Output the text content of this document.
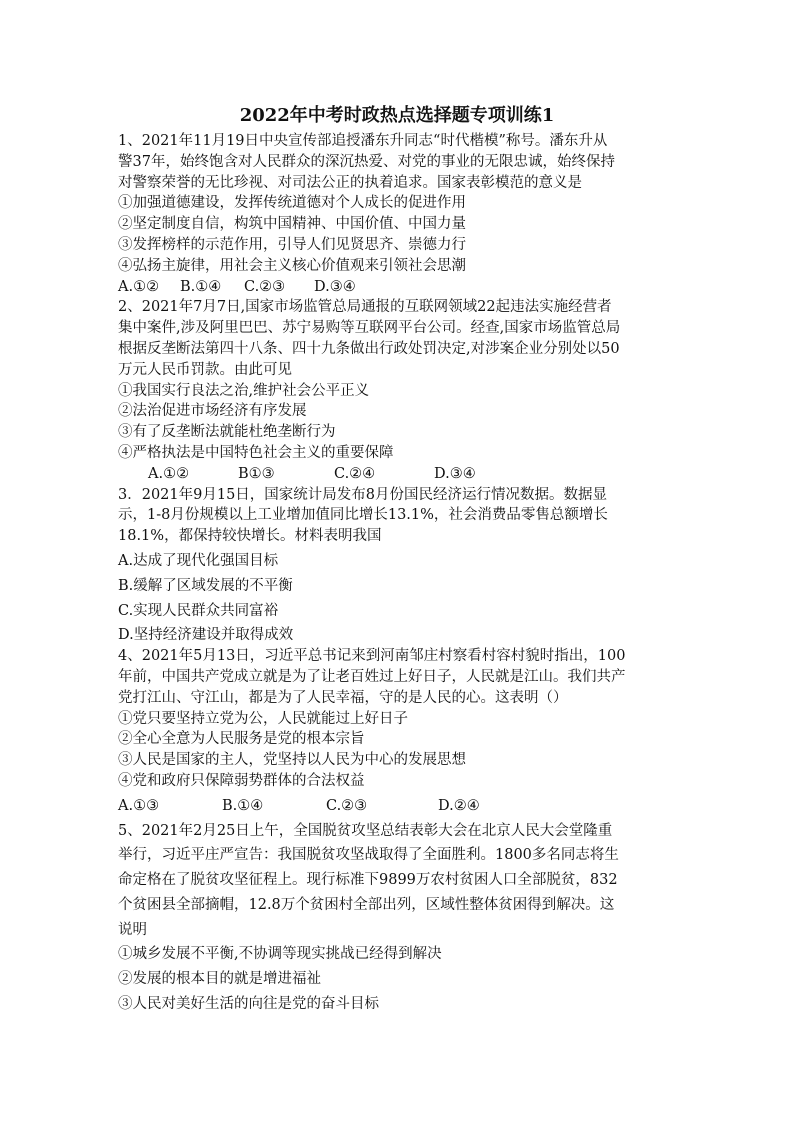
2022年中考时政热点选择题专项训练1
1、2021年11月19日中央宣传部追授潘东升同志“时代楷模”称号。潘东升从
警37年，始终饱含对人民群众的深沉热爱、对党的事业的无限忠诚，始终保持
对警察荣誉的无比珍视、对司法公正的执着追求。国家表彰模范的意义是
①加强道德建设，发挥传统道德对个人成长的促进作用
②坚定制度自信，构筑中国精神、中国价值、中国力量
③发挥榜样的示范作用，引导人们见贤思齐、崇德力行
④弘扬主旋律，用社会主义核心价值观来引领社会思潮
A.①②	B.①④	C.②③	D.③④
2、2021年7月7日,国家市场监管总局通报的互联网领域22起违法实施经营者
集中案件,涉及阿里巴巴、苏宁易购等互联网平台公司。经查,国家市场监管总局
根据反垄断法第四十八条、四十九条做出行政处罚决定,对涉案企业分别处以50
万元人民币罚款。由此可见
①我国实行良法之治,维护社会公平正义
②法治促进市场经济有序发展
③有了反垄断法就能杜绝垄断行为
④严格执法是中国特色社会主义的重要保障
A.①②	B①③	C.②④	D.③④
3．2021年9月15日，国家统计局发布8月份国民经济运行情况数据。数据显
示，1-8月份规模以上工业增加值同比增长13.1%，社会消费品零售总额增长
18.1%，都保持较快增长。材料表明我国
A.达成了现代化强国目标
B.缓解了区域发展的不平衡
C.实现人民群众共同富裕
D.坚持经济建设并取得成效
4、2021年5月13日，习近平总书记来到河南邹庄村察看村容村貌时指出，100
年前，中国共产党成立就是为了让老百姓过上好日子，人民就是江山。我们共产
党打江山、守江山，都是为了人民幸福，守的是人民的心。这表明（）
①党只要坚持立党为公，人民就能过上好日子
②全心全意为人民服务是党的根本宗旨
③人民是国家的主人，党坚持以人民为中心的发展思想
④党和政府只保障弱势群体的合法权益
A.①③	B.①④	C.②③	D.②④
5、2021年2月25日上午，全国脱贫攻坚总结表彰大会在北京人民大会堂隆重
举行，习近平庄严宣告：我国脱贫攻坚战取得了全面胜利。1800多名同志将生
命定格在了脱贫攻坚征程上。现行标准下9899万农村贫困人口全部脱贫，832
个贫困县全部摘帽，12.8万个贫困村全部出列，区域性整体贫困得到解决。这
说明
①城乡发展不平衡,不协调等现实挑战已经得到解决
②发展的根本目的就是增进福祉
③人民对美好生活的向往是党的奋斗目标
